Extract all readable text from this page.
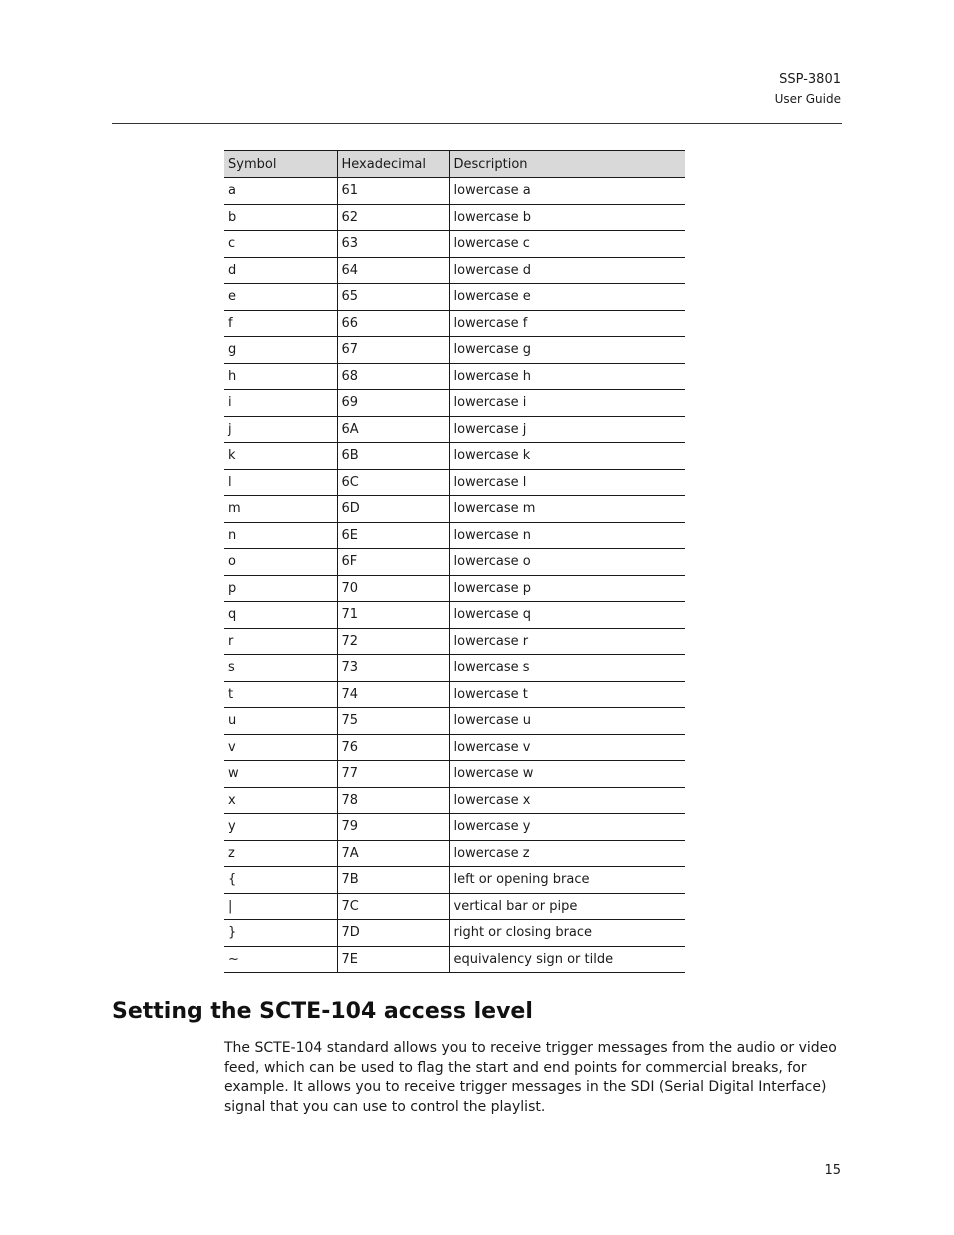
SSP-3801
User Guide
Symbol	Hexadecimal	Description
a	61	lowercase a
b	62	lowercase b
c	63	lowercase c
d	64	lowercase d
e	65	lowercase e
f	66	lowercase f
g	67	lowercase g
h	68	lowercase h
i	69	lowercase i
j	6A	lowercase j
k	6B	lowercase k
l	6C	lowercase l
m	6D	lowercase m
n	6E	lowercase n
o	6F	lowercase o
p	70	lowercase p
q	71	lowercase q
r	72	lowercase r
s	73	lowercase s
t	74	lowercase t
u	75	lowercase u
v	76	lowercase v
w	77	lowercase w
x	78	lowercase x
y	79	lowercase y
z	7A	lowercase z
{	7B	left or opening brace
|	7C	vertical bar or pipe
}	7D	right or closing brace
~	7E	equivalency sign or tilde
Setting the SCTE-104 access level
The SCTE-104 standard allows you to receive trigger messages from the audio or video feed, which can be used to flag the start and end points for commercial breaks, for example. It allows you to receive trigger messages in the SDI (Serial Digital Interface) signal that you can use to control the playlist.
15
